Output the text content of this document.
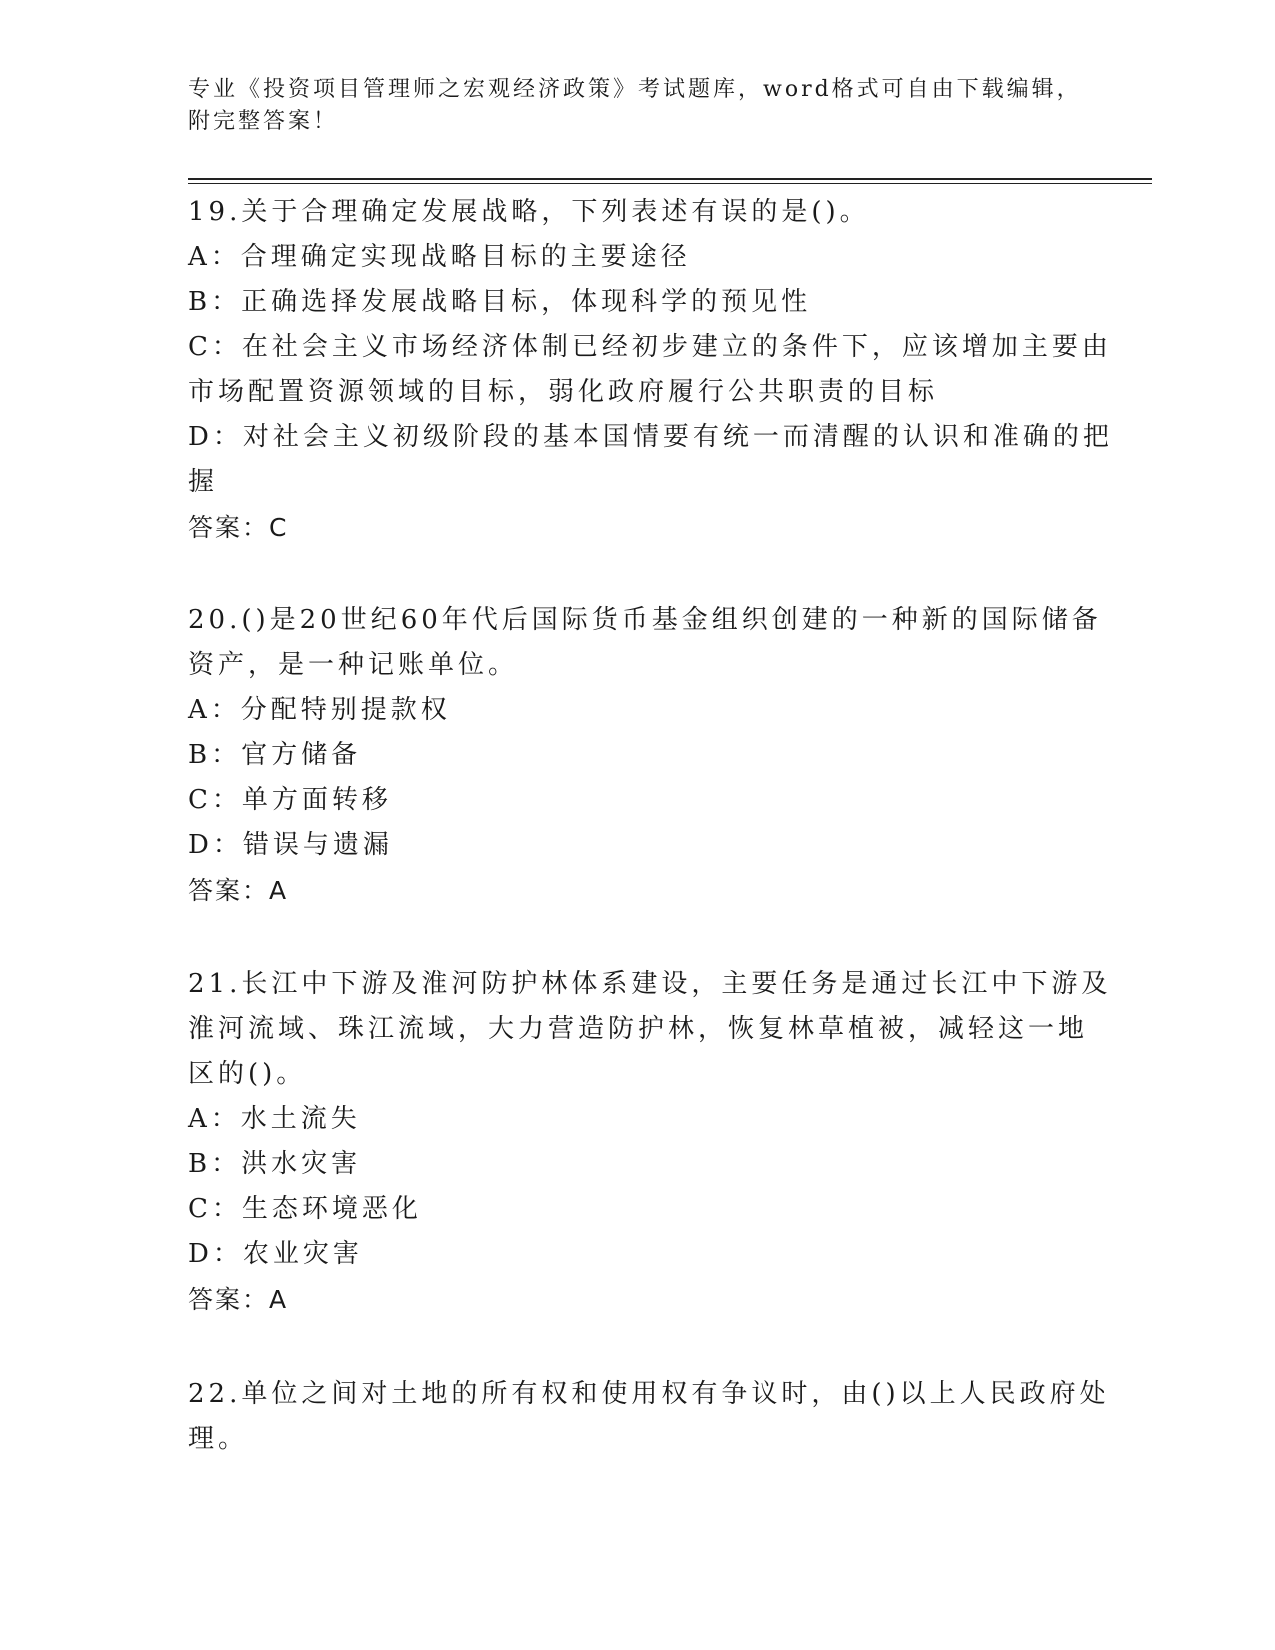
专业《投资项目管理师之宏观经济政策》考试题库，word格式可自由下载编辑，
附完整答案！
19.关于合理确定发展战略，下列表述有误的是()。
A：合理确定实现战略目标的主要途径
B：正确选择发展战略目标，体现科学的预见性
C：在社会主义市场经济体制已经初步建立的条件下，应该增加主要由
市场配置资源领域的目标，弱化政府履行公共职责的目标
D：对社会主义初级阶段的基本国情要有统一而清醒的认识和准确的把
握
答案：C
20.()是20世纪60年代后国际货币基金组织创建的一种新的国际储备
资产，是一种记账单位。
A：分配特别提款权
B：官方储备
C：单方面转移
D：错误与遗漏
答案：A
21.长江中下游及淮河防护林体系建设，主要任务是通过长江中下游及
淮河流域、珠江流域，大力营造防护林，恢复林草植被，减轻这一地
区的()。
A：水土流失
B：洪水灾害
C：生态环境恶化
D：农业灾害
答案：A
22.单位之间对土地的所有权和使用权有争议时，由()以上人民政府处
理。
